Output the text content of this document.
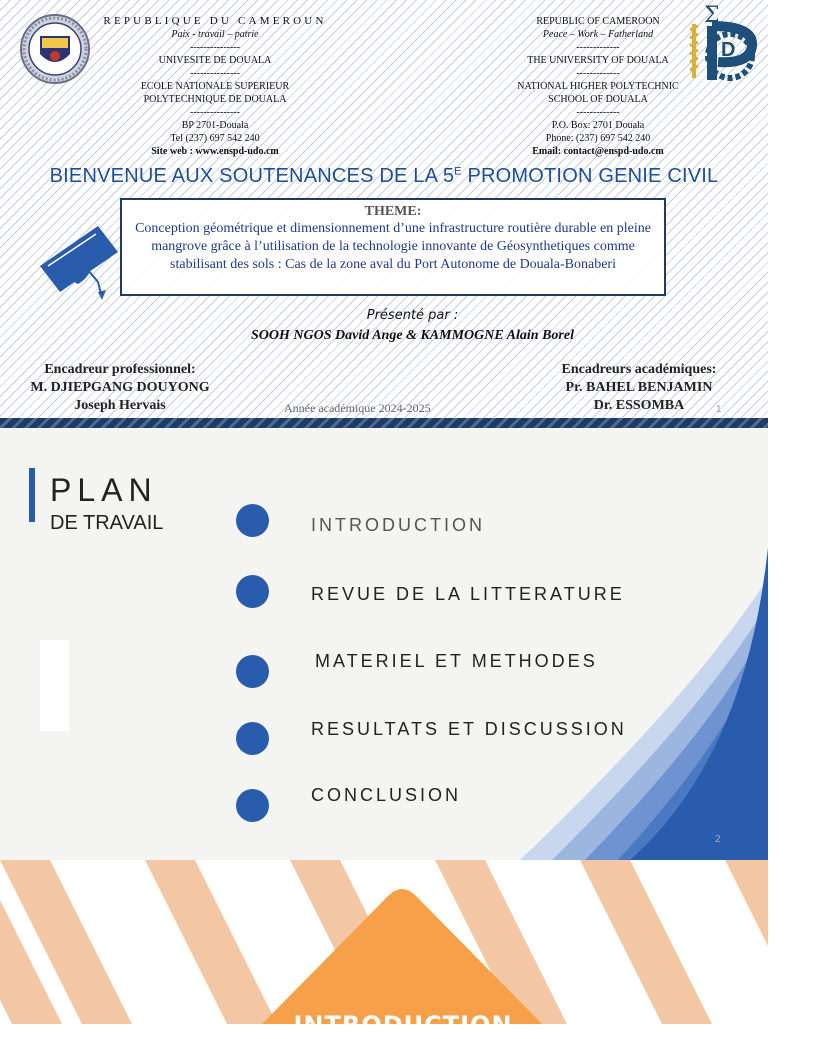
Σ
D
REPUBLIQUE DU CAMEROUN
Paix - travail – patrie
---------------
UNIVESITE DE DOUALA
---------------
ECOLE NATIONALE SUPERIEUR
POLYTECHNIQUE DE DOUALA
---------------
BP 2701-Douala
Tel (237) 697 542 240
Site web : www.enspd-udo.cm
REPUBLIC OF CAMEROON
Peace – Work – Fatherland
-------------
THE UNIVERSITY OF DOUALA
-------------
NATIONAL HIGHER POLYTECHNIC
SCHOOL OF DOUALA
-------------
P.O. Box: 2701 Douala
Phone: (237) 697 542 240
Email: contact@enspd-udo.cm
BIENVENUE AUX SOUTENANCES DE LA $5^E$ PROMOTION GENIE CIVIL
THEME:
Conception géométrique et dimensionnement d’une infrastructure routière durable en pleine mangrove grâce à l’utilisation de la technologie innovante de Géosynthetiques comme stabilisant des sols : Cas de la zone aval du Port Autonome de Douala-Bonaberi
Présenté par :
SOOH NGOS David Ange & KAMMOGNE Alain Borel
Encadreur professionnel:
M. DJIEPGANG DOUYONG
Joseph Hervais
Encadreurs académiques:
Pr. BAHEL BENJAMIN
Dr. ESSOMBA
Année académique 2024-2025	1
PLAN
DE TRAVAIL	INTRODUCTION
REVUE DE LA LITTERATURE
MATERIEL ET METHODES
RESULTATS ET DISCUSSION
CONCLUSION
2
INTRODUCTION
